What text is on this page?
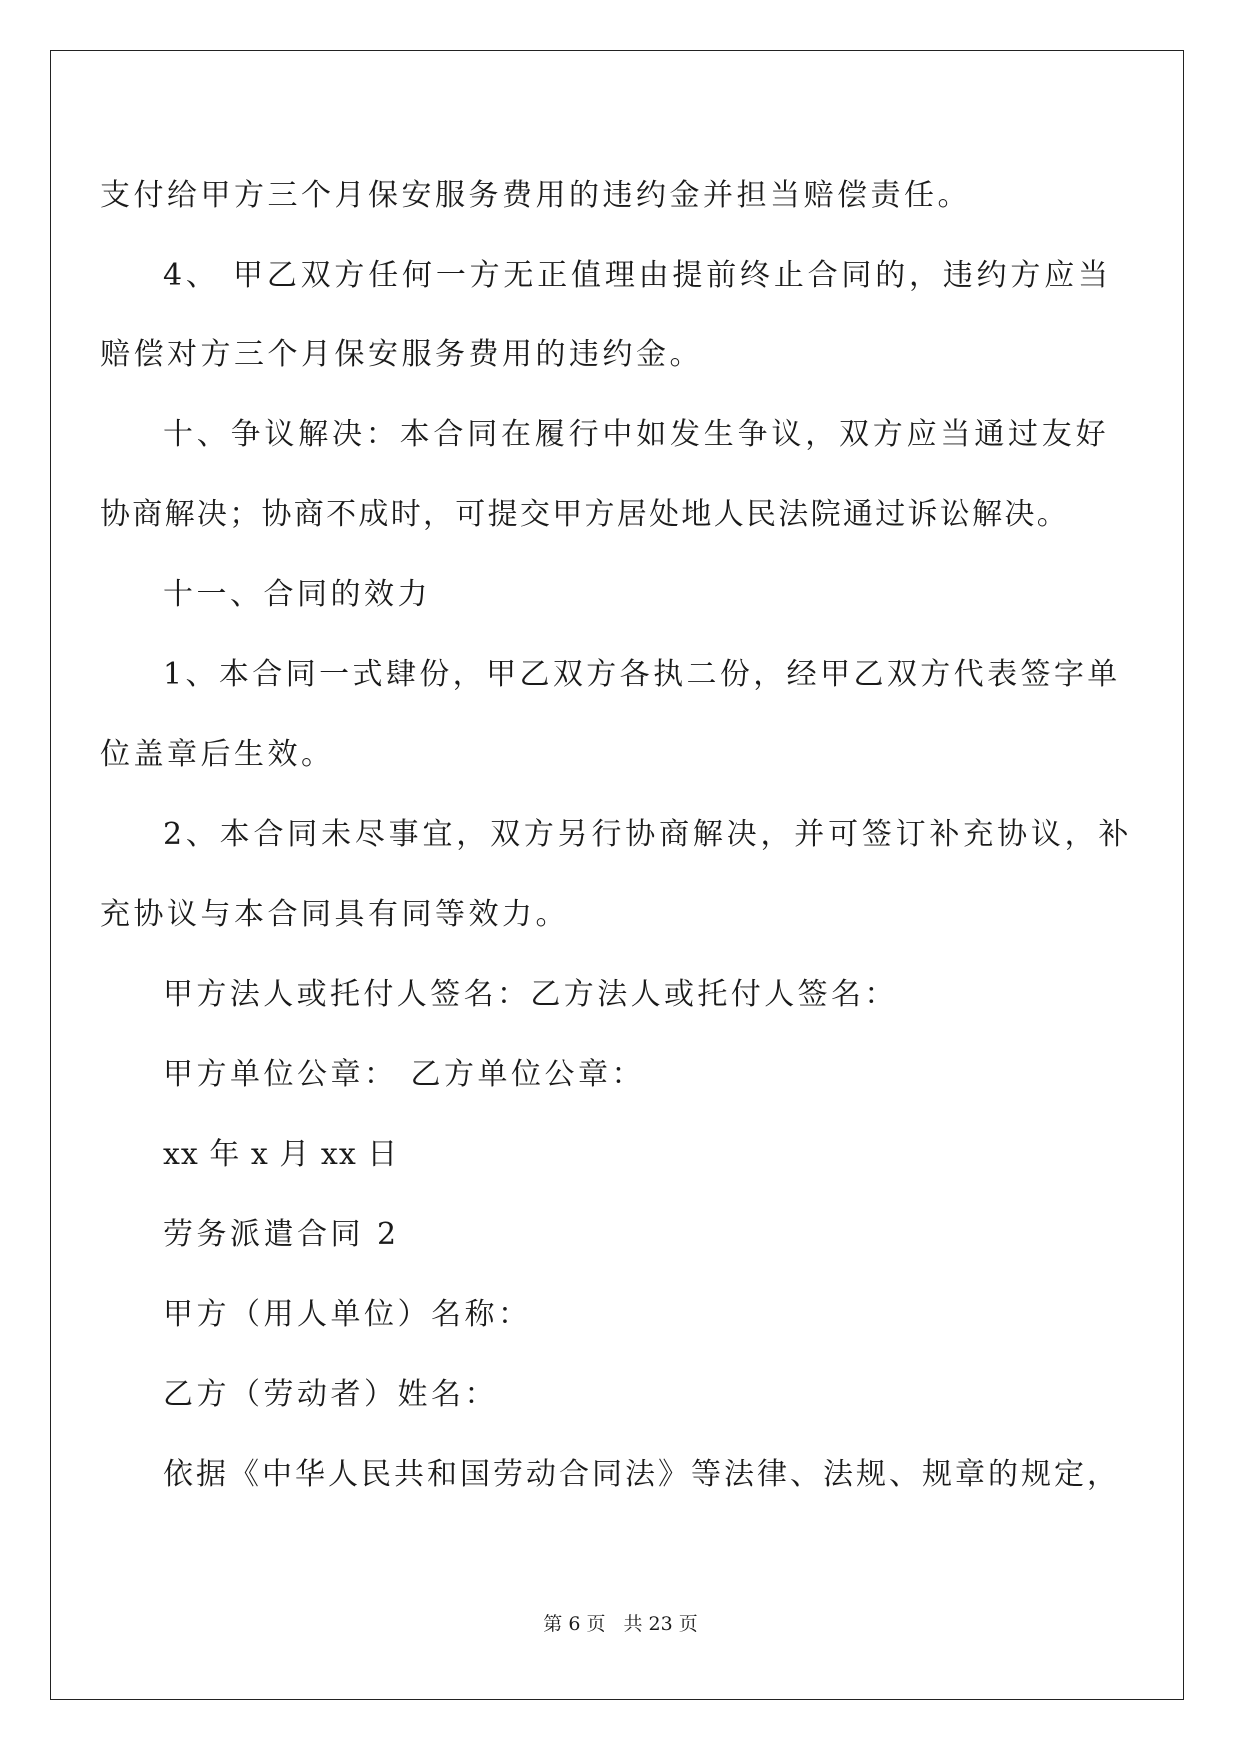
支付给甲方三个月保安服务费用的违约金并担当赔偿责任。
4、 甲乙双方任何一方无正值理由提前终止合同的，违约方应当
赔偿对方三个月保安服务费用的违约金。
十、争议解决：本合同在履行中如发生争议，双方应当通过友好
协商解决；协商不成时，可提交甲方居处地人民法院通过诉讼解决。
十一、合同的效力
1、本合同一式肆份，甲乙双方各执二份，经甲乙双方代表签字单
位盖章后生效。
2、本合同未尽事宜，双方另行协商解决，并可签订补充协议，补
充协议与本合同具有同等效力。
甲方法人或托付人签名：乙方法人或托付人签名：
甲方单位公章： 乙方单位公章：
xx 年 x 月 xx 日
劳务派遣合同 2
甲方（用人单位）名称：
乙方（劳动者）姓名：
依据《中华人民共和国劳动合同法》等法律、法规、规章的规定，
第 6 页 共 23 页
